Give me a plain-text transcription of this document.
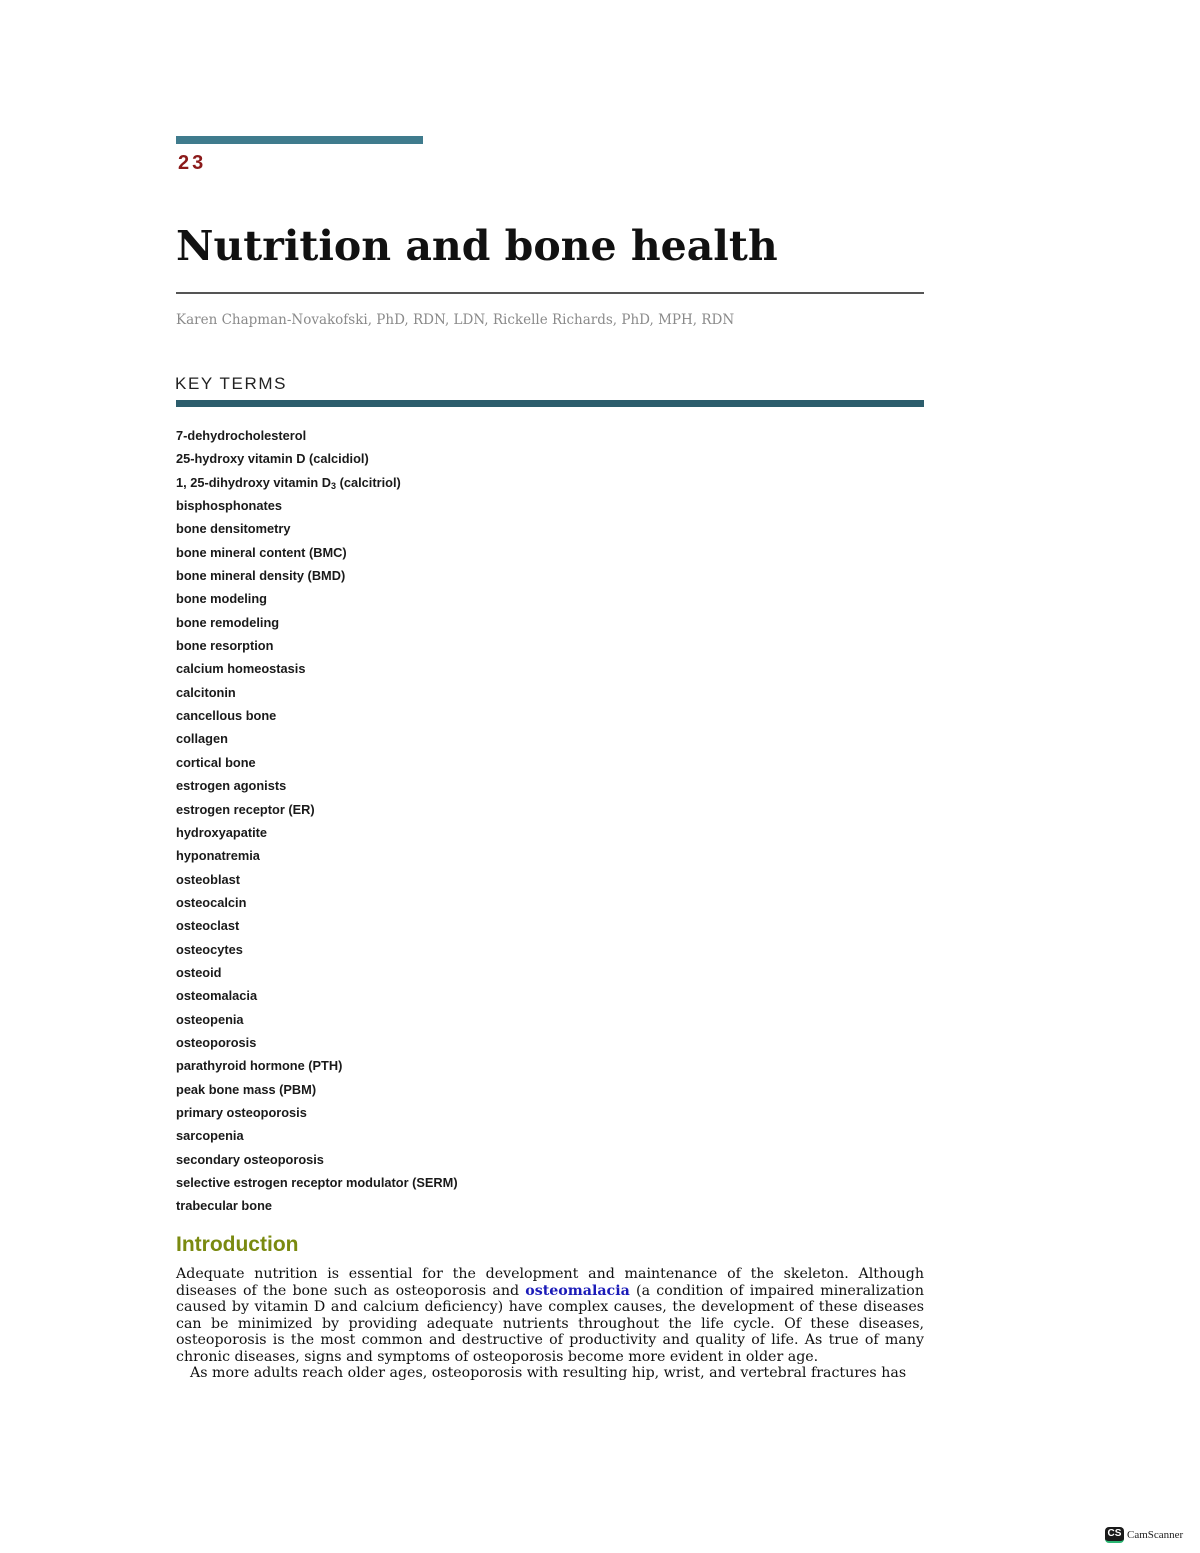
23
Nutrition and bone health
Karen Chapman-Novakofski, PhD, RDN, LDN, Rickelle Richards, PhD, MPH, RDN
KEY TERMS
7-dehydrocholesterol
25-hydroxy vitamin D (calcidiol)
1, 25-dihydroxy vitamin $D_3$ (calcitriol)
bisphosphonates
bone densitometry
bone mineral content (BMC)
bone mineral density (BMD)
bone modeling
bone remodeling
bone resorption
calcium homeostasis
calcitonin
cancellous bone
collagen
cortical bone
estrogen agonists
estrogen receptor (ER)
hydroxyapatite
hyponatremia
osteoblast
osteocalcin
osteoclast
osteocytes
osteoid
osteomalacia
osteopenia
osteoporosis
parathyroid hormone (PTH)
peak bone mass (PBM)
primary osteoporosis
sarcopenia
secondary osteoporosis
selective estrogen receptor modulator (SERM)
trabecular bone
Introduction

Adequate nutrition is essential for the development and maintenance of the skeleton. Although diseases of the bone such as osteoporosis and osteomalacia (a condition of impaired mineralization caused by vitamin D and calcium deficiency) have complex causes, the development of these diseases can be minimized by providing adequate nutrients throughout the life cycle. Of these diseases, osteoporosis is the most common and destructive of productivity and quality of life. As true of many chronic diseases, signs and symptoms of osteoporosis become more evident in older age.

As more adults reach older ages, osteoporosis with resulting hip, wrist, and vertebral fractures has

CS CamScanner
